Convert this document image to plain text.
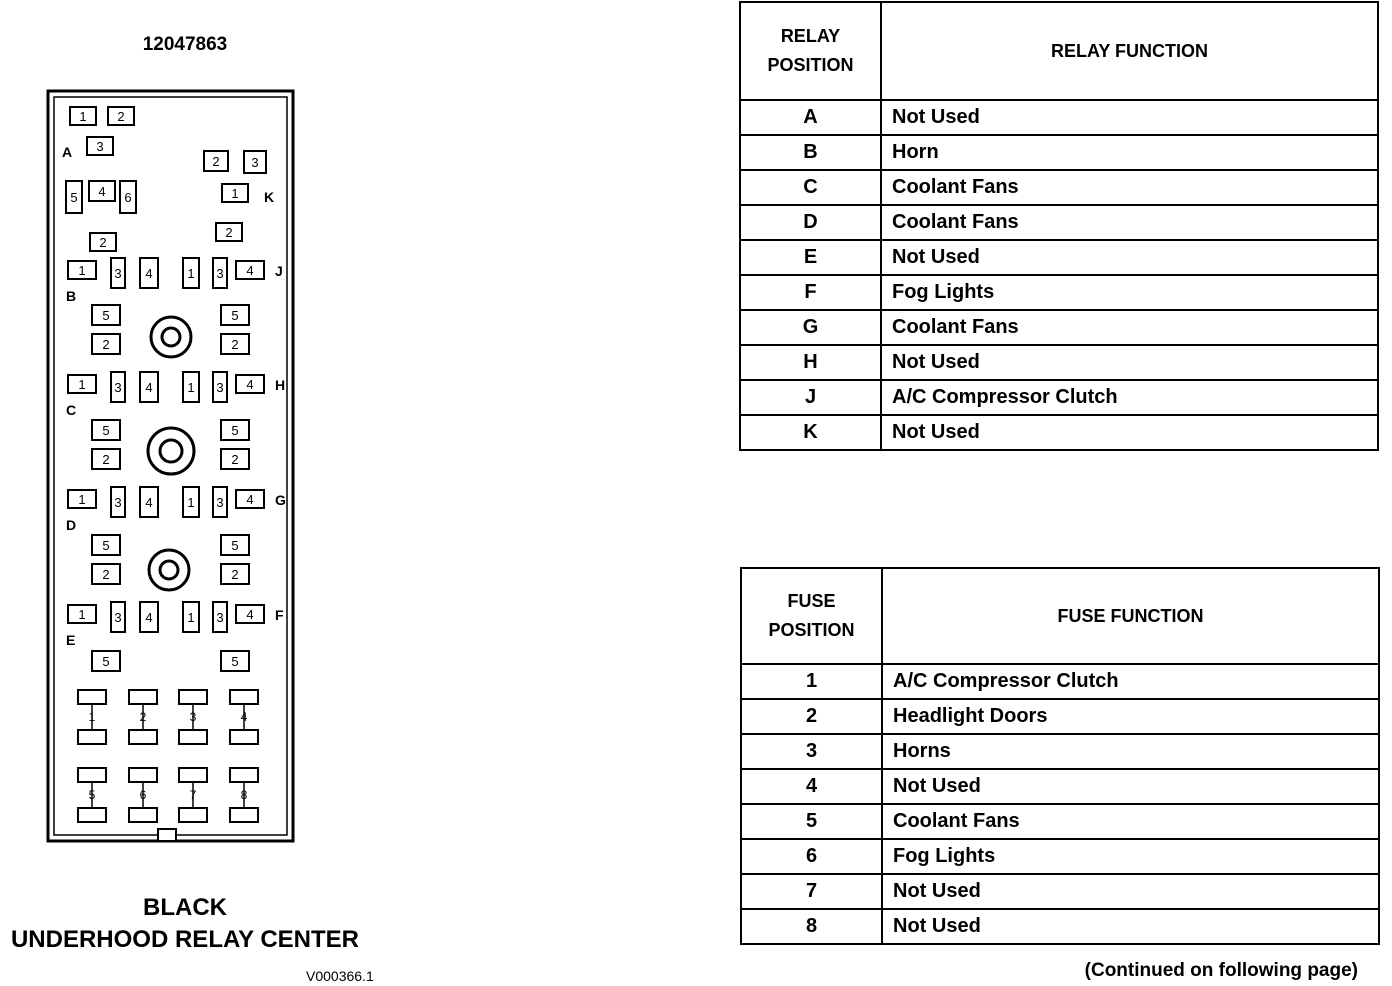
12047863
1 2
3
2 3
5 4 6	1
2
2
A
K
1 3 4	1 3 4 J
B
5	5
2	2
1 3 4	1 3 4 H
C
5	5
2	2
1 3 4	1 3 4 G
D
5	5
2	2
1 3 4	1 3 4 F
E
5	5
1	2	3	4
5	6	7	8
BLACK
UNDERHOOD RELAY CENTER
V000366.1
RELAY POSITION	RELAY FUNCTION
A	Not Used
B	Horn
C	Coolant Fans
D	Coolant Fans
E	Not Used
F	Fog Lights
G	Coolant Fans
H	Not Used
J	A/C Compressor Clutch
K	Not Used
FUSE POSITION	FUSE FUNCTION
1	A/C Compressor Clutch
2	Headlight Doors
3	Horns
4	Not Used
5	Coolant Fans
6	Fog Lights
7	Not Used
8	Not Used
(Continued on following page)
